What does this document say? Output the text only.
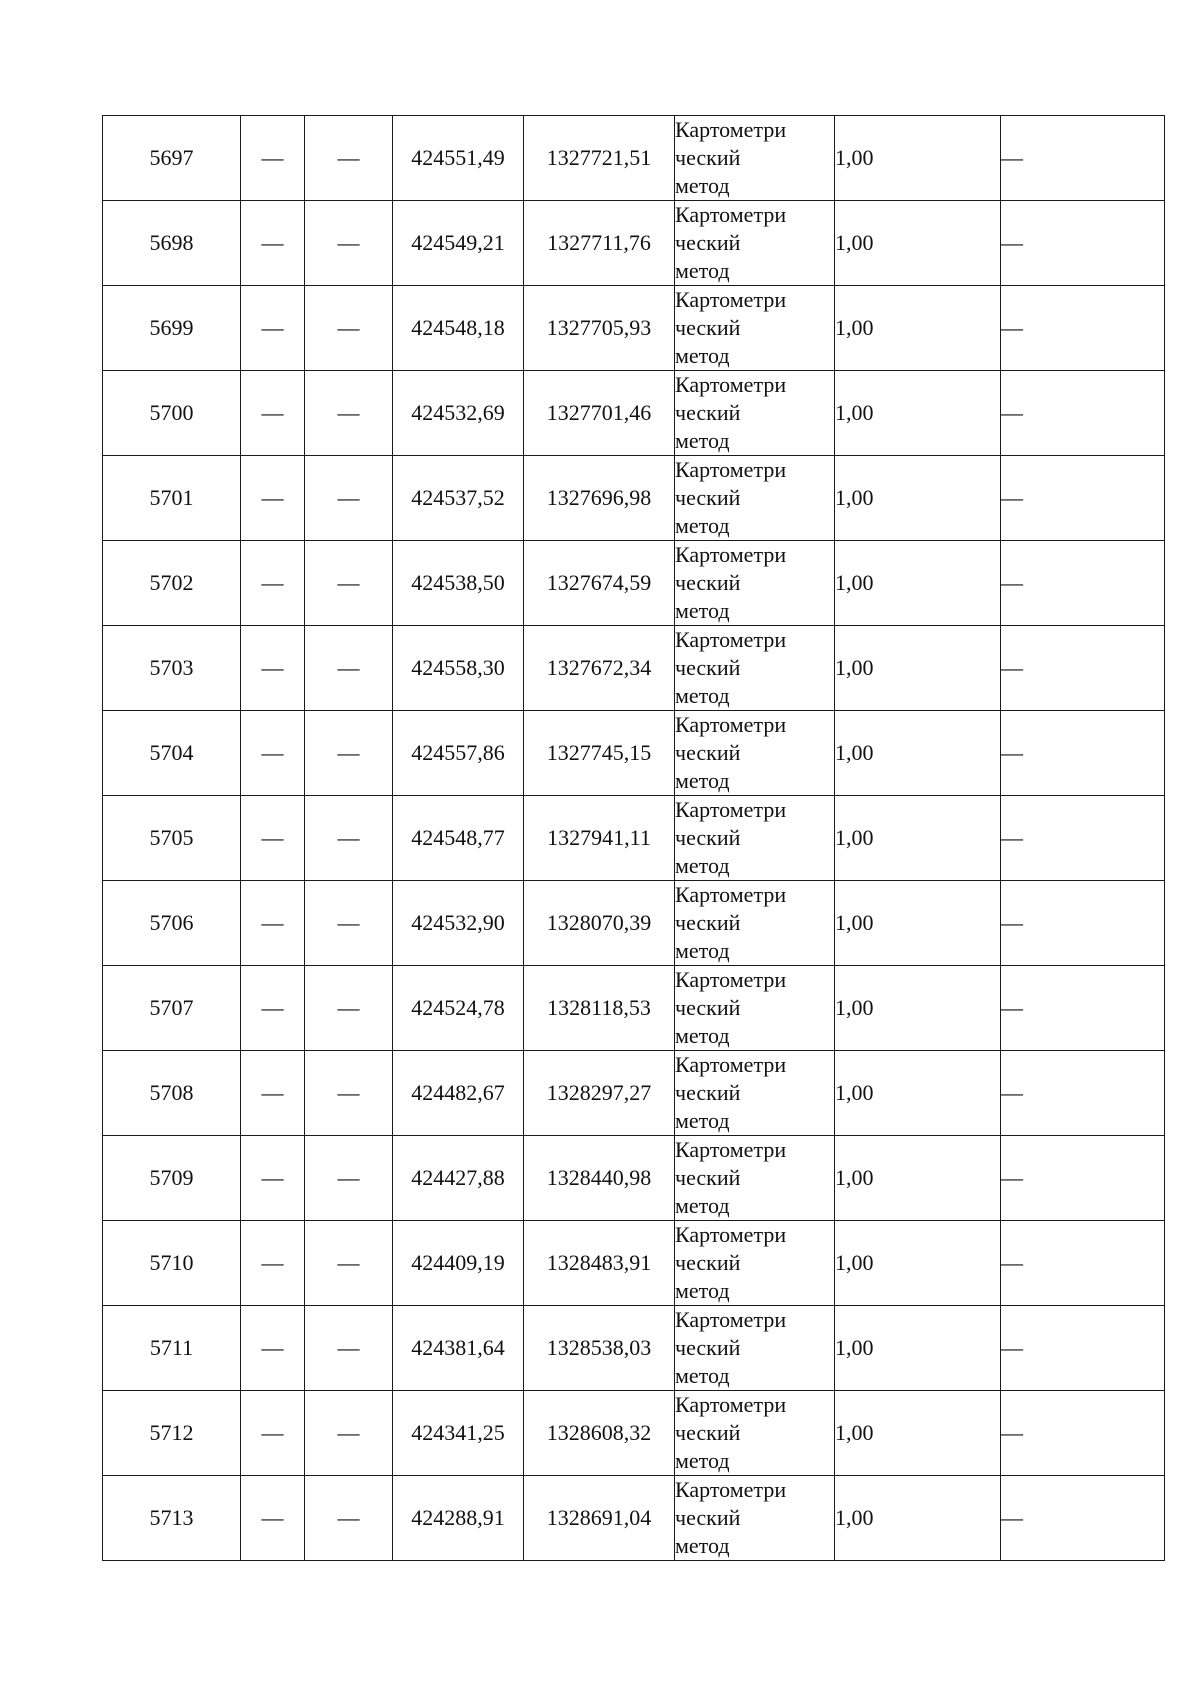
5697	—	—	424551,49	1327721,51	Картометри
ческий
метод	1,00	—
5698	—	—	424549,21	1327711,76	Картометри
ческий
метод	1,00	—
5699	—	—	424548,18	1327705,93	Картометри
ческий
метод	1,00	—
5700	—	—	424532,69	1327701,46	Картометри
ческий
метод	1,00	—
5701	—	—	424537,52	1327696,98	Картометри
ческий
метод	1,00	—
5702	—	—	424538,50	1327674,59	Картометри
ческий
метод	1,00	—
5703	—	—	424558,30	1327672,34	Картометри
ческий
метод	1,00	—
5704	—	—	424557,86	1327745,15	Картометри
ческий
метод	1,00	—
5705	—	—	424548,77	1327941,11	Картометри
ческий
метод	1,00	—
5706	—	—	424532,90	1328070,39	Картометри
ческий
метод	1,00	—
5707	—	—	424524,78	1328118,53	Картометри
ческий
метод	1,00	—
5708	—	—	424482,67	1328297,27	Картометри
ческий
метод	1,00	—
5709	—	—	424427,88	1328440,98	Картометри
ческий
метод	1,00	—
5710	—	—	424409,19	1328483,91	Картометри
ческий
метод	1,00	—
5711	—	—	424381,64	1328538,03	Картометри
ческий
метод	1,00	—
5712	—	—	424341,25	1328608,32	Картометри
ческий
метод	1,00	—
5713	—	—	424288,91	1328691,04	Картометри
ческий
метод	1,00	—
